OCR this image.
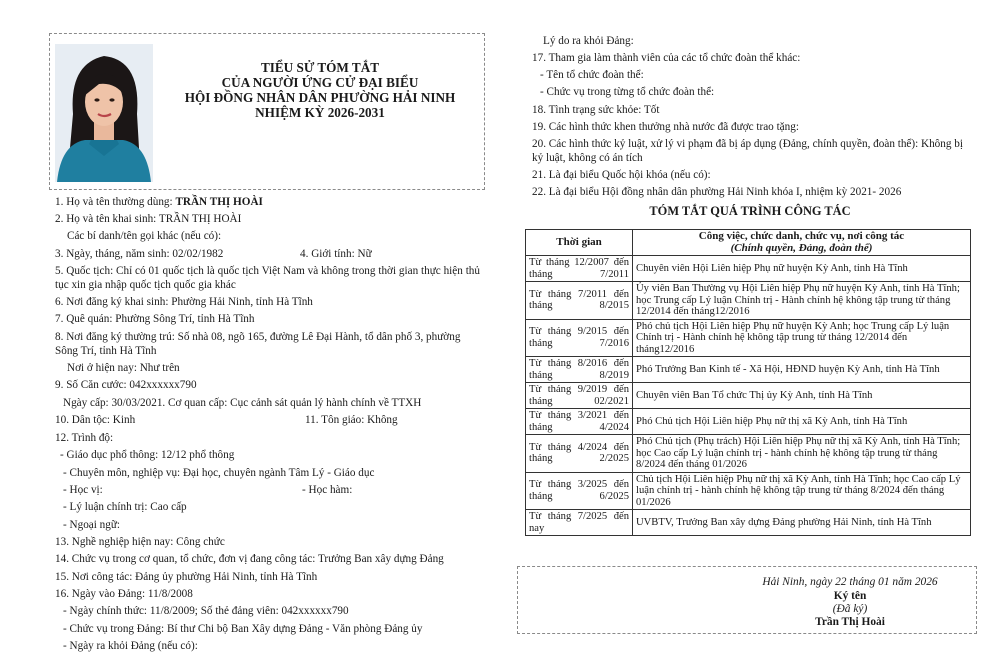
TIỂU SỬ TÓM TẮT
CỦA NGƯỜI ỨNG CỬ ĐẠI BIỂU
HỘI ĐỒNG NHÂN DÂN PHƯỜNG HẢI NINH
NHIỆM KỲ 2026-2031
1. Họ và tên thường dùng: TRẦN THỊ HOÀI
2. Họ và tên khai sinh: TRẦN THỊ HOÀI
Các bí danh/tên gọi khác (nếu có):
3. Ngày, tháng, năm sinh: 02/02/1982	4. Giới tính: Nữ
5. Quốc tịch: Chỉ có 01 quốc tịch là quốc tịch Việt Nam và không trong thời gian thực hiện thủ tục xin gia nhập quốc tịch quốc gia khác
6. Nơi đăng ký khai sinh: Phường Hải Ninh, tỉnh Hà Tĩnh
7. Quê quán: Phường Sông Trí, tỉnh Hà Tĩnh
8. Nơi đăng ký thường trú: Số nhà 08, ngõ 165, đường Lê Đại Hành, tổ dân phố 3, phường Sông Trí, tỉnh Hà Tĩnh
Nơi ở hiện nay: Như trên
9. Số Căn cước: 042xxxxxx790
Ngày cấp: 30/03/2021. Cơ quan cấp: Cục cảnh sát quản lý hành chính về TTXH
10. Dân tộc: Kinh	11. Tôn giáo: Không
12. Trình độ:
- Giáo dục phổ thông: 12/12 phổ thông
- Chuyên môn, nghiệp vụ: Đại học, chuyên ngành Tâm Lý - Giáo dục
- Học vị:	- Học hàm:
- Lý luận chính trị: Cao cấp
- Ngoại ngữ:
13. Nghề nghiệp hiện nay: Công chức
14. Chức vụ trong cơ quan, tổ chức, đơn vị đang công tác: Trưởng Ban xây dựng Đảng
15. Nơi công tác: Đảng ủy phường Hải Ninh, tỉnh Hà Tĩnh
16. Ngày vào Đảng: 11/8/2008
- Ngày chính thức: 11/8/2009; Số thẻ đảng viên: 042xxxxxx790
- Chức vụ trong Đảng: Bí thư Chi bộ Ban Xây dựng Đảng - Văn phòng Đảng ủy
- Ngày ra khỏi Đảng (nếu có):
Lý do ra khỏi Đảng:
17. Tham gia làm thành viên của các tổ chức đoàn thể khác:
- Tên tổ chức đoàn thể:
- Chức vụ trong từng tổ chức đoàn thể:
18. Tình trạng sức khỏe: Tốt
19. Các hình thức khen thưởng nhà nước đã được trao tặng:
20. Các hình thức kỷ luật, xử lý vi phạm đã bị áp dụng (Đảng, chính quyền, đoàn thể): Không bị kỷ luật, không có án tích
21. Là đại biểu Quốc hội khóa (nếu có):
22. Là đại biểu Hội đồng nhân dân phường Hải Ninh khóa I, nhiệm kỳ 2021- 2026
TÓM TẮT QUÁ TRÌNH CÔNG TÁC
Thời gian	Công việc, chức danh, chức vụ, nơi công tác
(Chính quyền, Đảng, đoàn thể)
Từ tháng 12/2007 đến tháng 7/2011	Chuyên viên Hội Liên hiệp Phụ nữ huyện Kỳ Anh, tỉnh Hà Tĩnh
Từ tháng 7/2011 đến tháng 8/2015	Ủy viên Ban Thường vụ Hội Liên hiệp Phụ nữ huyện Kỳ Anh, tỉnh Hà Tĩnh; học Trung cấp Lý luận Chính trị - Hành chính hệ không tập trung từ tháng 12/2014 đến tháng12/2016
Từ tháng 9/2015 đến tháng 7/2016	Phó chủ tịch Hội Liên hiệp Phụ nữ huyện Kỳ Anh; học Trung cấp Lý luận Chính trị - Hành chính hệ không tập trung từ tháng 12/2014 đến tháng12/2016
Từ tháng 8/2016 đến tháng 8/2019	Phó Trưởng Ban Kinh tế - Xã Hội, HĐND huyện Kỳ Anh, tỉnh Hà Tĩnh
Từ tháng 9/2019 đến tháng 02/2021	Chuyên viên Ban Tổ chức Thị ủy Kỳ Anh, tỉnh Hà Tĩnh
Từ tháng 3/2021 đến tháng 4/2024	Phó Chủ tịch Hội Liên hiệp Phụ nữ thị xã Kỳ Anh, tỉnh Hà Tĩnh
Từ tháng 4/2024 đến tháng 2/2025	Phó Chủ tịch (Phụ trách) Hội Liên hiệp Phụ nữ thị xã Kỳ Anh, tỉnh Hà Tĩnh; học Cao cấp Lý luận chính trị - hành chính hệ không tập trung từ tháng 8/2024 đến tháng 01/2026
Từ tháng 3/2025 đến tháng 6/2025	Chủ tịch Hội Liên hiệp Phụ nữ thị xã Kỳ Anh, tỉnh Hà Tĩnh; học Cao cấp Lý luận chính trị - hành chính hệ không tập trung từ tháng 8/2024 đến tháng 01/2026
Từ tháng 7/2025 đến nay	UVBTV, Trưởng Ban xây dựng Đảng phường Hải Ninh, tỉnh Hà Tĩnh
Hải Ninh, ngày 22 tháng 01 năm 2026
Ký tên
(Đã ký)
Trần Thị Hoài
